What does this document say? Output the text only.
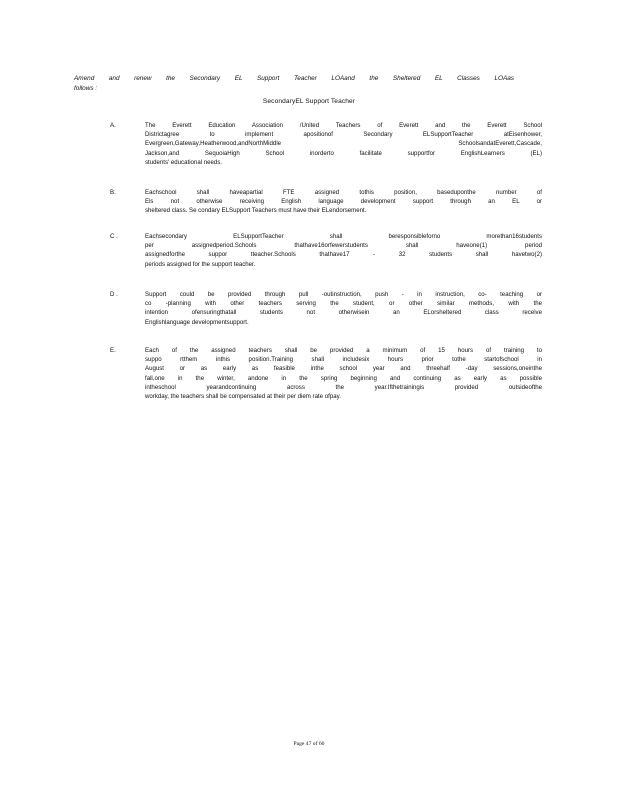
Amend and renew the Secondary EL Support Teacher LOAand the Sheltered EL Classes LOAas
follows :
SecondaryEL Support Teacher
A.	The Everett Education Association /United Teachers of Everett and the Everett School
Districtagree to implement apositionof Secondary ELSupportTeacher atEisenhower,
Evergreen,Gateway,Heatherwood,andNorthMiddle SchoolsandatEverett,Cascade,
Jackson,and SequoiaHigh School inorderto facilitate supportfor EnglishLearners (EL)
students' educational needs.
B.	Eachschool shall haveapartial FTE assigned tothis position, baseduponthe number of
Els not otherwise receiving English language development support through an EL or
sheltered class. Se condary ELSupport Teachers must have their ELendorsement.
C .	Eachsecondary ELSupportTeacher shall beresponsibleforno morethan16students
per assignedperiod.Schools thathave16orfewerstudents shall haveone(1) period
assignedforthe suppor tteacher.Schools thathave17 - 32 students shall havetwo(2)
periods assigned for the support teacher.
D .	Support could be provided through pull -outinstruction, push - in instruction, co- teaching or
co -planning with other teachers serving the student, or other similar methods, with the
intention ofensuringthatall students not otherwisein an ELorsheltered class receive
Englishlanguage developmentsupport.
E.	Each of the assigned teachers shall be provided a minimum of 15 hours of training to
suppo rtthem inthis position.Training shall includesix hours prior tothe startofschool in
August or as early as feasible inthe school year and threehalf -day sessions,oneinthe
fall,one in the winter, andone in the spring beginning and continuing as early as possible
intheschool yearandcontinuing across the year.Ifthetrainingis provided outsideofthe
workday, the teachers shall be compensated at their per diem rate ofpay.
Page 47 of 60
